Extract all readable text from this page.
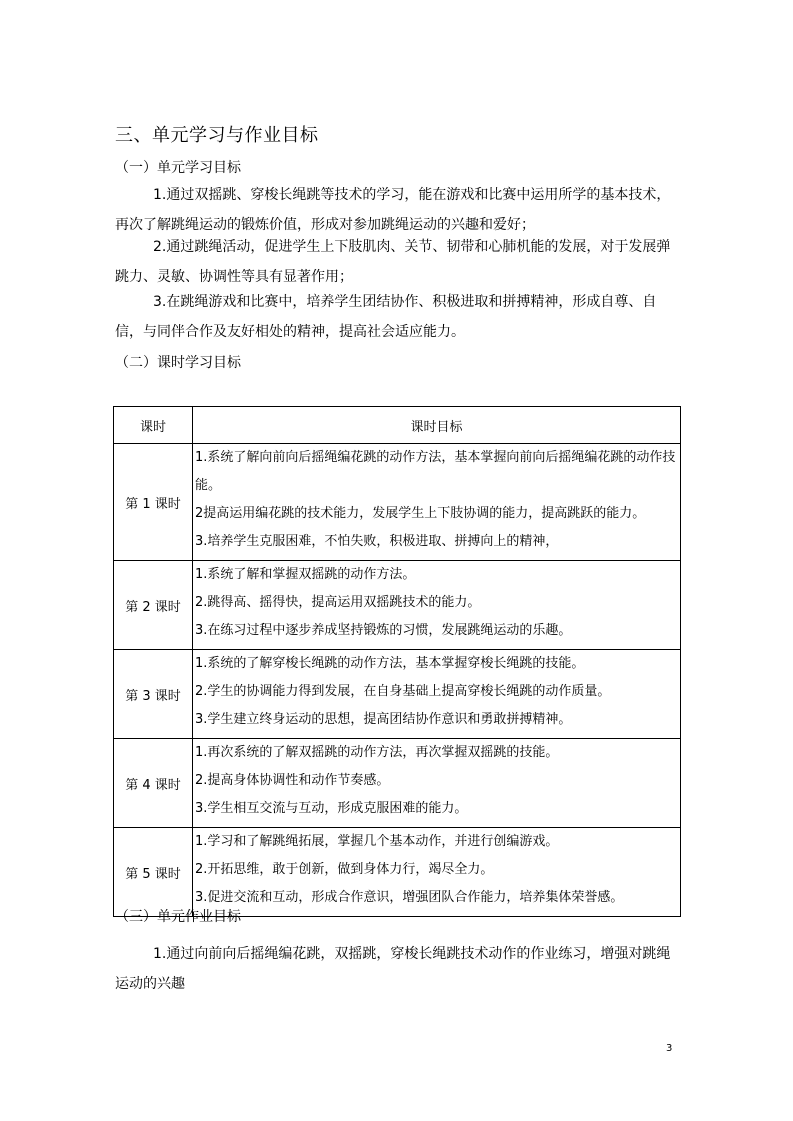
三、单元学习与作业目标
（一）单元学习目标
1.通过双摇跳、穿梭长绳跳等技术的学习，能在游戏和比赛中运用所学的基本技术，再次了解跳绳运动的锻炼价值，形成对参加跳绳运动的兴趣和爱好；
2.通过跳绳活动，促进学生上下肢肌肉、关节、韧带和心肺机能的发展，对于发展弹跳力、灵敏、协调性等具有显著作用；
3.在跳绳游戏和比赛中，培养学生团结协作、积极进取和拼搏精神，形成自尊、自信，与同伴合作及友好相处的精神，提高社会适应能力。
（二）课时学习目标
课时	课时目标
第 1 课时	1.系统了解向前向后摇绳编花跳的动作方法，基本掌握向前向后摇绳编花跳的动作技能。
2提高运用编花跳的技术能力，发展学生上下肢协调的能力，提高跳跃的能力。
3.培养学生克服困难，不怕失败，积极进取、拼搏向上的精神，

第 2 课时	1.系统了解和掌握双摇跳的动作方法。
2.跳得高、摇得快，提高运用双摇跳技术的能力。
3.在练习过程中逐步养成坚持锻炼的习惯，发展跳绳运动的乐趣。

第 3 课时	1.系统的了解穿梭长绳跳的动作方法，基本掌握穿梭长绳跳的技能。
2.学生的协调能力得到发展，在自身基础上提高穿梭长绳跳的动作质量。
3.学生建立终身运动的思想，提高团结协作意识和勇敢拼搏精神。

第 4 课时	1.再次系统的了解双摇跳的动作方法，再次掌握双摇跳的技能。
2.提高身体协调性和动作节奏感。
3.学生相互交流与互动，形成克服困难的能力。

第 5 课时	1.学习和了解跳绳拓展，掌握几个基本动作，并进行创编游戏。
2.开拓思维，敢于创新，做到身体力行，竭尽全力。
3.促进交流和互动，形成合作意识，增强团队合作能力，培养集体荣誉感。
（三）单元作业目标
1.通过向前向后摇绳编花跳，双摇跳，穿梭长绳跳技术动作的作业练习，增强对跳绳运动的兴趣
3
